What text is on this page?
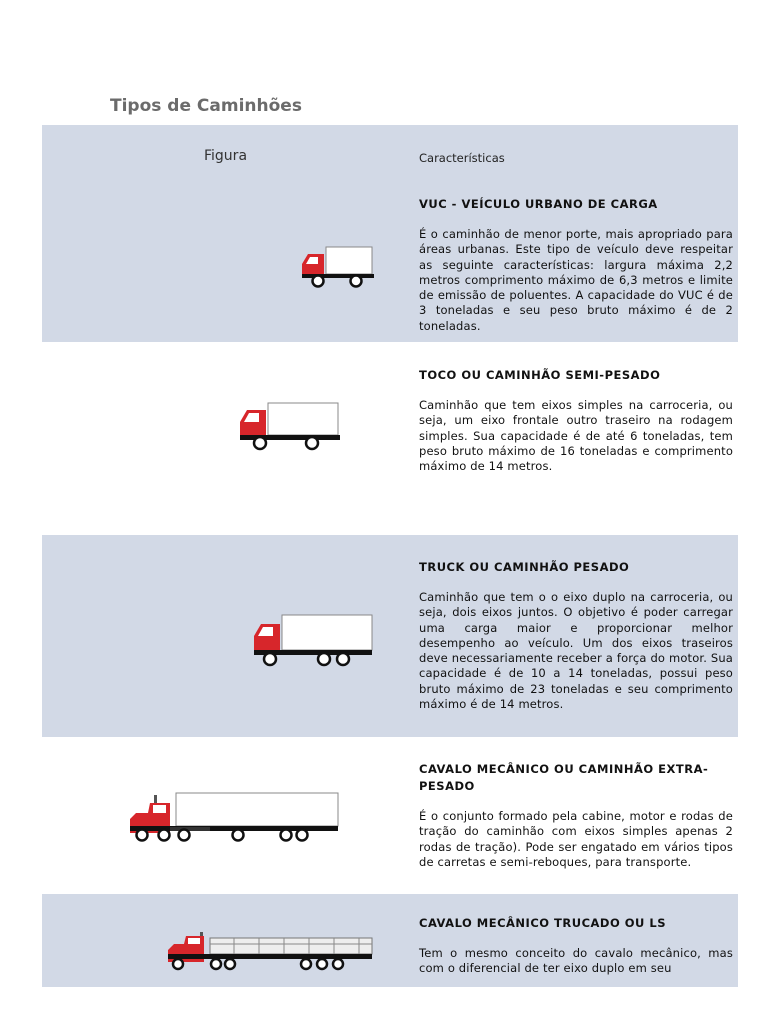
Tipos de Caminhões
Figura	Características
VUC - VEÍCULO URBANO DE CARGA

É o caminhão de menor porte, mais apropriado para áreas urbanas. Este tipo de veículo deve respeitar as seguinte características: largura máxima 2,2 metros comprimento máximo de 6,3 metros e limite de emissão de poluentes. A capacidade do VUC é de 3 toneladas e seu peso bruto máximo é de 2 toneladas.

TOCO OU CAMINHÃO SEMI-PESADO

Caminhão que tem eixos simples na carroceria, ou seja, um eixo frontale outro traseiro na rodagem simples. Sua capacidade é de até 6 toneladas, tem peso bruto máximo de 16 toneladas e comprimento máximo de 14 metros.

TRUCK OU CAMINHÃO PESADO

Caminhão que tem o o eixo duplo na carroceria, ou seja, dois eixos juntos. O objetivo é poder carregar uma carga maior e proporcionar melhor desempenho ao veículo. Um dos eixos traseiros deve necessariamente receber a força do motor. Sua capacidade é de 10 a 14 toneladas, possui peso bruto máximo de 23 toneladas e seu comprimento máximo é de 14 metros.

CAVALO MECÂNICO OU CAMINHÃO EXTRA-PESADO

É o conjunto formado pela cabine, motor e rodas de tração do caminhão com eixos simples apenas 2 rodas de tração). Pode ser engatado em vários tipos de carretas e semi-reboques, para transporte.

CAVALO MECÂNICO TRUCADO OU LS

Tem o mesmo conceito do cavalo mecânico, mas com o diferencial de ter eixo duplo em seu
